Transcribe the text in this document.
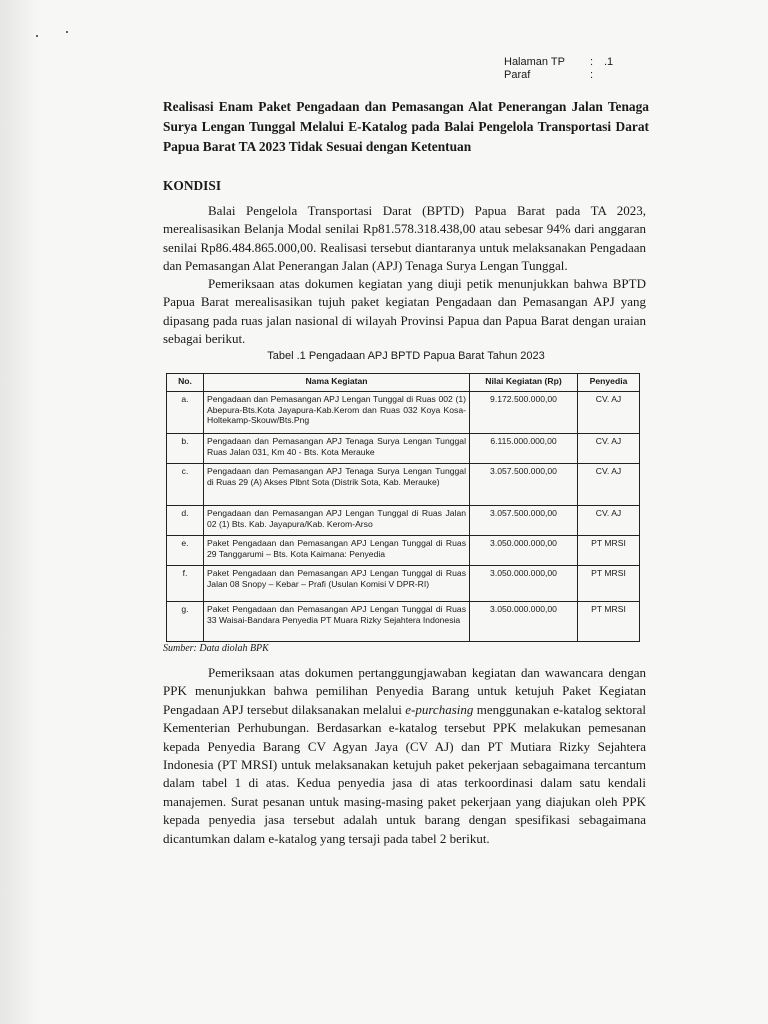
Halaman TP	: .1
Paraf	:
Realisasi Enam Paket Pengadaan dan Pemasangan Alat Penerangan Jalan Tenaga Surya Lengan Tunggal Melalui E-Katalog pada Balai Pengelola Transportasi Darat Papua Barat TA 2023 Tidak Sesuai dengan Ketentuan
KONDISI

Balai Pengelola Transportasi Darat (BPTD) Papua Barat pada TA 2023, merealisasikan Belanja Modal senilai Rp81.578.318.438,00 atau sebesar 94% dari anggaran senilai Rp86.484.865.000,00. Realisasi tersebut diantaranya untuk melaksanakan Pengadaan dan Pemasangan Alat Penerangan Jalan (APJ) Tenaga Surya Lengan Tunggal.

Pemeriksaan atas dokumen kegiatan yang diuji petik menunjukkan bahwa BPTD Papua Barat merealisasikan tujuh paket kegiatan Pengadaan dan Pemasangan APJ yang dipasang pada ruas jalan nasional di wilayah Provinsi Papua dan Papua Barat dengan uraian sebagai berikut.

Tabel .1 Pengadaan APJ BPTD Papua Barat Tahun 2023
No.	Nama Kegiatan	Nilai Kegiatan (Rp)	Penyedia
a.	Pengadaan dan Pemasangan APJ Lengan Tunggal di Ruas 002 (1) Abepura-Bts.Kota Jayapura-Kab.Kerom dan Ruas 032 Koya Kosa-Holtekamp-Skouw/Bts.Png	9.172.500.000,00	CV. AJ
b.	Pengadaan dan Pemasangan APJ Tenaga Surya Lengan Tunggal Ruas Jalan 031, Km 40 - Bts. Kota Merauke	6.115.000.000,00	CV. AJ
c.	Pengadaan dan Pemasangan APJ Tenaga Surya Lengan Tunggal di Ruas 29 (A) Akses Plbnt Sota (Distrik Sota, Kab. Merauke)	3.057.500.000,00	CV. AJ
d.	Pengadaan dan Pemasangan APJ Lengan Tunggal di Ruas Jalan 02 (1) Bts. Kab. Jayapura/Kab. Kerom-Arso	3.057.500.000,00	CV. AJ
e.	Paket Pengadaan dan Pemasangan APJ Lengan Tunggal di Ruas 29 Tanggarumi – Bts. Kota Kaimana: Penyedia	3.050.000.000,00	PT MRSI
f.	Paket Pengadaan dan Pemasangan APJ Lengan Tunggal di Ruas Jalan 08 Snopy – Kebar – Prafi (Usulan Komisi V DPR-RI)	3.050.000.000,00	PT MRSI
g.	Paket Pengadaan dan Pemasangan APJ Lengan Tunggal di Ruas 33 Waisai-Bandara Penyedia PT Muara Rizky Sejahtera Indonesia	3.050.000.000,00	PT MRSI
Sumber: Data diolah BPK

Pemeriksaan atas dokumen pertanggungjawaban kegiatan dan wawancara dengan PPK menunjukkan bahwa pemilihan Penyedia Barang untuk ketujuh Paket Kegiatan Pengadaan APJ tersebut dilaksanakan melalui e-purchasing menggunakan e-katalog sektoral Kementerian Perhubungan. Berdasarkan e-katalog tersebut PPK melakukan pemesanan kepada Penyedia Barang CV Agyan Jaya (CV AJ) dan PT Mutiara Rizky Sejahtera Indonesia (PT MRSI) untuk melaksanakan ketujuh paket pekerjaan sebagaimana tercantum dalam tabel 1 di atas. Kedua penyedia jasa di atas terkoordinasi dalam satu kendali manajemen. Surat pesanan untuk masing-masing paket pekerjaan yang diajukan oleh PPK kepada penyedia jasa tersebut adalah untuk barang dengan spesifikasi sebagaimana dicantumkan dalam e-katalog yang tersaji pada tabel 2 berikut.
